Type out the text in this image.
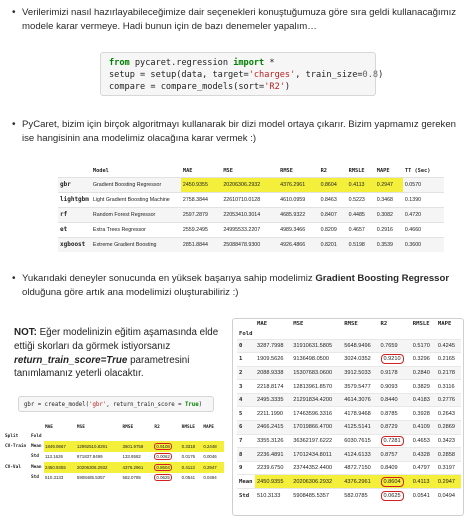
• Verilerimizi nasıl hazırlayabileceğimize dair seçenekleri konuştuğumuza göre sıra geldi kullanacağımız modele karar vermeye. Hadi bunun için de bazı denemeler yapalım…
from pycaret.regression import *
setup = setup(data, target='charges', train_size=0.8)
compare = compare_models(sort='R2')
• PyCaret, bizim için birçok algoritmayı kullanarak bir dizi model ortaya çıkarır. Bizim yapmamız gereken ise hangisinin ana modelimiz olacağına karar vermek :)
	Model	MAE	MSE	RMSE	R2	RMSLE	MAPE	TT (Sec)
gbr	Gradient Boosting Regressor	2450.9355	20206306.2932	4376.2961	0.8604	0.4113	0.2947	0.0570
lightgbm	Light Gradient Boosting Machine	2758.3844	22610710.0128	4610.0959	0.8463	0.5223	0.3468	0.1390
rf	Random Forest Regressor	2597.2879	22053410.3014	4685.9322	0.8407	0.4485	0.3082	0.4720
et	Extra Trees Regressor	2559.2495	24995533.2207	4989.3466	0.8209	0.4657	0.2916	0.4660
xgboost	Extreme Gradient Boosting	2851.8844	25088478.9300	4926.4866	0.8201	0.5198	0.3539	0.3600
• Yukarıdaki deneyler sonucunda en yüksek başarıya sahip modelimiz Gradient Boosting Regressor olduğuna göre artık ana modelimizi oluşturabiliriz :)
NOT: Eğer modelinizin eğitim aşamasında elde ettiği skorları da görmek istiyorsanız return_train_score=True parametresini tanımlamanız yeterli olacaktır.
gbr = create_model('gbr', return_train_score = True)
		MAE	MSE	RMSE	R2	RMSLE	MAPE
Split	Fold						
CV-Train	Mean	1849.0867	12992510.8291	3601.9758	0.9108	0.3318	0.2448
	Std	113.1626	971837.8499	133.9582	0.0062	0.0176	0.0046
CV-Val	Mean	2450.9355	20206306.2932	4376.2961	0.8604	0.4113	0.2947
	Std	510.3133	5908485.5357	582.0785	0.0625	0.0541	0.0494
	MAE	MSE	RMSE	R2	RMSLE	MAPE
Fold						
0	3287.7998	31910631.5805	5648.9496	0.7659	0.5170	0.4245
1	1909.5626	9136498.0500	3024.0352	0.9210	0.3296	0.2165
2	2088.9338	15307683.0600	3912.5033	0.9178	0.2840	0.2178
3	2218.8174	12813961.8570	3579.5477	0.9093	0.3829	0.3116
4	2495.3335	21291834.4200	4614.3076	0.8440	0.4183	0.2776
5	2211.1990	17463596.3316	4178.9468	0.8785	0.3928	0.2643
6	2466.2415	17019866.4700	4125.5141	0.8729	0.4109	0.2869
7	3355.3126	36362197.6222	6030.7615	0.7281	0.4653	0.3423
8	2236.4891	17012434.8011	4124.6133	0.8757	0.4328	0.2858
9	2239.6750	23744352.4400	4872.7150	0.8409	0.4797	0.3197
Mean	2450.9355	20206306.2932	4376.2961	0.8604	0.4113	0.2947
Std	510.3133	5908485.5357	582.0785	0.0625	0.0541	0.0494
